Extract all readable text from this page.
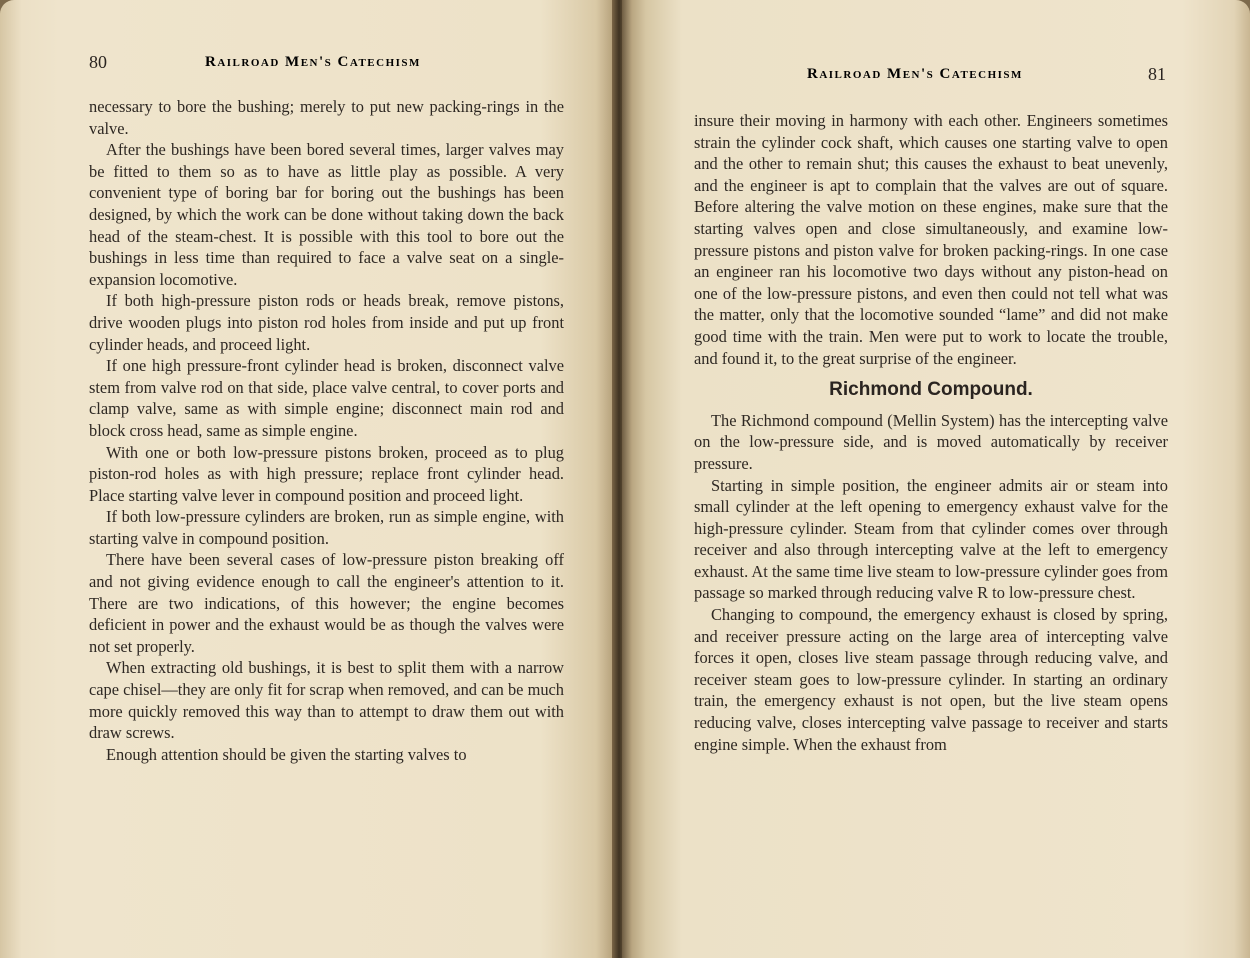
80	Railroad Men's Catechism

necessary to bore the bushing; merely to put new packing-rings in the valve.

After the bushings have been bored several times, larger valves may be fitted to them so as to have as little play as possible. A very convenient type of boring bar for boring out the bushings has been designed, by which the work can be done without taking down the back head of the steam-chest. It is possible with this tool to bore out the bushings in less time than required to face a valve seat on a single-expansion locomotive.

If both high-pressure piston rods or heads break, remove pistons, drive wooden plugs into piston rod holes from inside and put up front cylinder heads, and proceed light.

If one high pressure-front cylinder head is broken, disconnect valve stem from valve rod on that side, place valve central, to cover ports and clamp valve, same as with simple engine; disconnect main rod and block cross head, same as simple engine.

With one or both low-pressure pistons broken, proceed as to plug piston-rod holes as with high pressure; replace front cylinder head. Place starting valve lever in compound position and proceed light.

If both low-pressure cylinders are broken, run as simple engine, with starting valve in compound position.

There have been several cases of low-pressure piston breaking off and not giving evidence enough to call the engineer's attention to it. There are two indications, of this however; the engine becomes deficient in power and the exhaust would be as though the valves were not set properly.

When extracting old bushings, it is best to split them with a narrow cape chisel—they are only fit for scrap when removed, and can be much more quickly removed this way than to attempt to draw them out with draw screws.

Enough attention should be given the starting valves to

Railroad Men's Catechism	81

insure their moving in harmony with each other. Engineers sometimes strain the cylinder cock shaft, which causes one starting valve to open and the other to remain shut; this causes the exhaust to beat unevenly, and the engineer is apt to complain that the valves are out of square. Before altering the valve motion on these engines, make sure that the starting valves open and close simultaneously, and examine low-pressure pistons and piston valve for broken packing-rings. In one case an engineer ran his locomotive two days without any piston-head on one of the low-pressure pistons, and even then could not tell what was the matter, only that the locomotive sounded “lame” and did not make good time with the train. Men were put to work to locate the trouble, and found it, to the great surprise of the engineer.

Richmond Compound.

The Richmond compound (Mellin System) has the intercepting valve on the low-pressure side, and is moved automatically by receiver pressure.

Starting in simple position, the engineer admits air or steam into small cylinder at the left opening to emergency exhaust valve for the high-pressure cylinder. Steam from that cylinder comes over through receiver and also through intercepting valve at the left to emergency exhaust. At the same time live steam to low-pressure cylinder goes from passage so marked through reducing valve R to low-pressure chest.

Changing to compound, the emergency exhaust is closed by spring, and receiver pressure acting on the large area of intercepting valve forces it open, closes live steam passage through reducing valve, and receiver steam goes to low-pressure cylinder. In starting an ordinary train, the emergency exhaust is not open, but the live steam opens reducing valve, closes intercepting valve passage to receiver and starts engine simple. When the exhaust from
